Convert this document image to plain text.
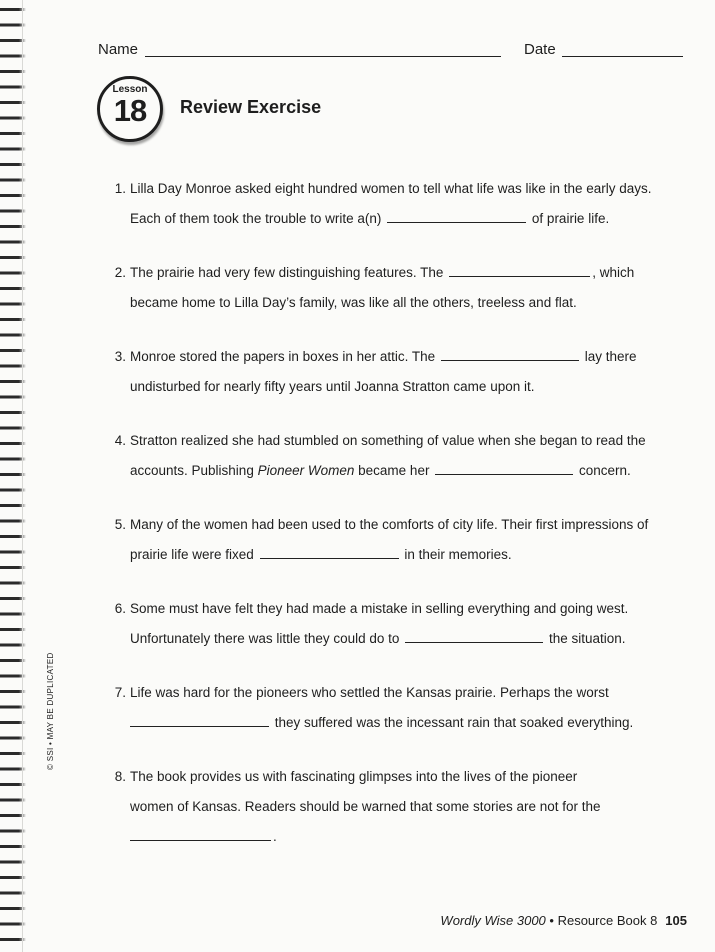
Name	Date
Lesson
18	Review Exercise
1. Lilla Day Monroe asked eight hundred women to tell what life was like in the early days.
Each of them took the trouble to write a(n)	of prairie life.
2. The prairie had very few distinguishing features. The	, which
became home to Lilla Day’s family, was like all the others, treeless and flat.
3. Monroe stored the papers in boxes in her attic. The	lay there
undisturbed for nearly fifty years until Joanna Stratton came upon it.
4. Stratton realized she had stumbled on something of value when she began to read the
accounts. Publishing Pioneer Women became her	concern.
5. Many of the women had been used to the comforts of city life. Their first impressions of
prairie life were fixed	in their memories.
6. Some must have felt they had made a mistake in selling everything and going west.
Unfortunately there was little they could do to	the situation.
7. Life was hard for the pioneers who settled the Kansas prairie. Perhaps the worst
they suffered was the incessant rain that soaked everything.
8. The book provides us with fascinating glimpses into the lives of the pioneer
women of Kansas. Readers should be warned that some stories are not for the
.
© SSI • MAY BE DUPLICATED
Wordly Wise 3000 • Resource Book 8 105
